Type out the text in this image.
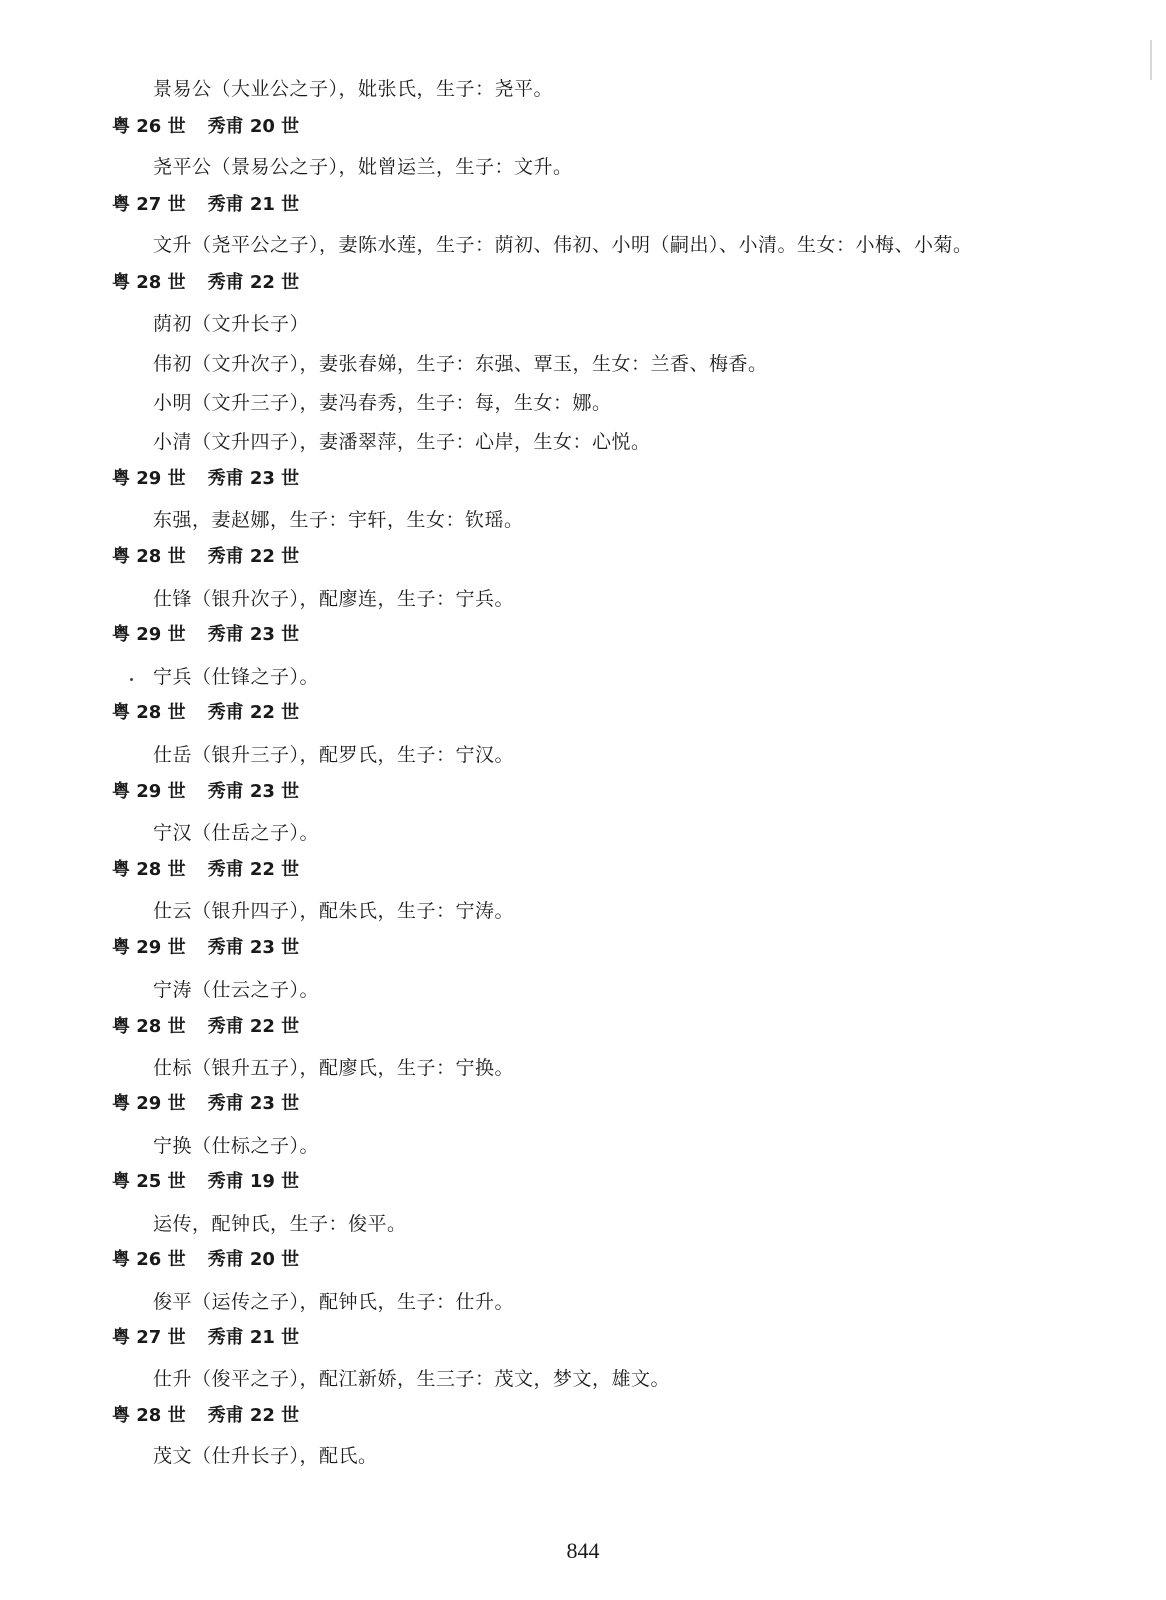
景易公（大业公之子），妣张氏，生子：尧平。
粤 26 世 秀甫 20 世
尧平公（景易公之子），妣曾运兰，生子：文升。
粤 27 世 秀甫 21 世
文升（尧平公之子），妻陈水莲，生子：荫初、伟初、小明（嗣出）、小清。生女：小梅、小菊。
粤 28 世 秀甫 22 世
荫初（文升长子）
伟初（文升次子），妻张春娣，生子：东强、覃玉，生女：兰香、梅香。
小明（文升三子），妻冯春秀，生子：每，生女：娜。
小清（文升四子），妻潘翠萍，生子：心岸，生女：心悦。
粤 29 世 秀甫 23 世
东强，妻赵娜，生子：宇轩，生女：钦瑶。
粤 28 世 秀甫 22 世
仕锋（银升次子），配廖连，生子：宁兵。
粤 29 世 秀甫 23 世
宁兵（仕锋之子）。
粤 28 世 秀甫 22 世
仕岳（银升三子），配罗氏，生子：宁汉。
粤 29 世 秀甫 23 世
宁汉（仕岳之子）。
粤 28 世 秀甫 22 世
仕云（银升四子），配朱氏，生子：宁涛。
粤 29 世 秀甫 23 世
宁涛（仕云之子）。
粤 28 世 秀甫 22 世
仕标（银升五子），配廖氏，生子：宁换。
粤 29 世 秀甫 23 世
宁换（仕标之子）。
粤 25 世 秀甫 19 世
运传，配钟氏，生子：俊平。
粤 26 世 秀甫 20 世
俊平（运传之子），配钟氏，生子：仕升。
粤 27 世 秀甫 21 世
仕升（俊平之子），配江新娇，生三子：茂文，梦文，雄文。
粤 28 世 秀甫 22 世
茂文（仕升长子），配氏。
844
